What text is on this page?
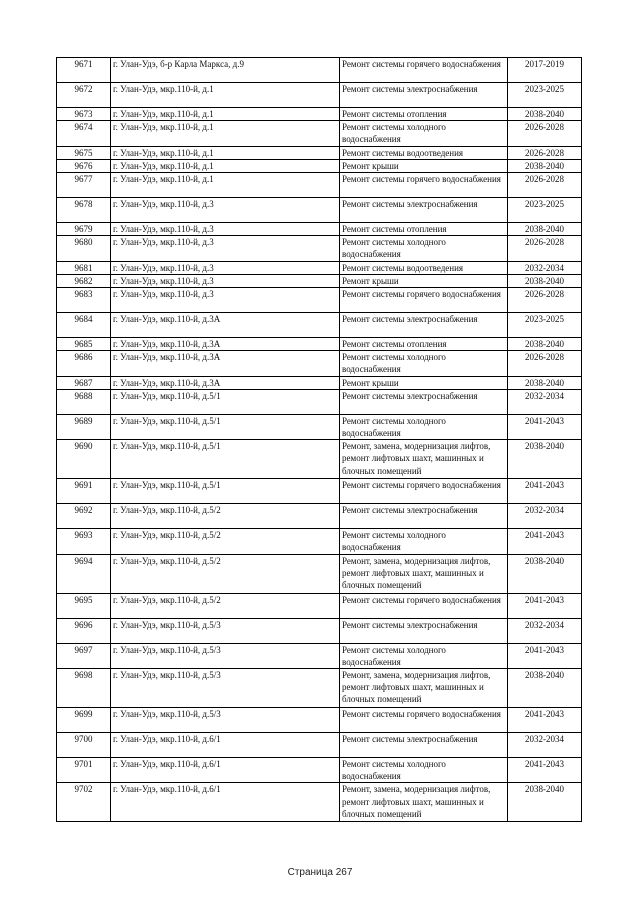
9671	г. Улан-Удэ, б-р Карла Маркса, д.9	Ремонт системы горячего водоснабжения	2017-2019
9672	г. Улан-Удэ, мкр.110-й, д.1	Ремонт системы электроснабжения	2023-2025
9673	г. Улан-Удэ, мкр.110-й, д.1	Ремонт системы отопления	2038-2040
9674	г. Улан-Удэ, мкр.110-й, д.1	Ремонт системы холодного водоснабжения	2026-2028
9675	г. Улан-Удэ, мкр.110-й, д.1	Ремонт системы водоотведения	2026-2028
9676	г. Улан-Удэ, мкр.110-й, д.1	Ремонт крыши	2038-2040
9677	г. Улан-Удэ, мкр.110-й, д.1	Ремонт системы горячего водоснабжения	2026-2028
9678	г. Улан-Удэ, мкр.110-й, д.3	Ремонт системы электроснабжения	2023-2025
9679	г. Улан-Удэ, мкр.110-й, д.3	Ремонт системы отопления	2038-2040
9680	г. Улан-Удэ, мкр.110-й, д.3	Ремонт системы холодного водоснабжения	2026-2028
9681	г. Улан-Удэ, мкр.110-й, д.3	Ремонт системы водоотведения	2032-2034
9682	г. Улан-Удэ, мкр.110-й, д.3	Ремонт крыши	2038-2040
9683	г. Улан-Удэ, мкр.110-й, д.3	Ремонт системы горячего водоснабжения	2026-2028
9684	г. Улан-Удэ, мкр.110-й, д.3А	Ремонт системы электроснабжения	2023-2025
9685	г. Улан-Удэ, мкр.110-й, д.3А	Ремонт системы отопления	2038-2040
9686	г. Улан-Удэ, мкр.110-й, д.3А	Ремонт системы холодного водоснабжения	2026-2028
9687	г. Улан-Удэ, мкр.110-й, д.3А	Ремонт крыши	2038-2040
9688	г. Улан-Удэ, мкр.110-й, д.5/1	Ремонт системы электроснабжения	2032-2034
9689	г. Улан-Удэ, мкр.110-й, д.5/1	Ремонт системы холодного водоснабжения	2041-2043
9690	г. Улан-Удэ, мкр.110-й, д.5/1	Ремонт, замена, модернизация лифтов, ремонт лифтовых шахт, машинных и блочных помещений	2038-2040
9691	г. Улан-Удэ, мкр.110-й, д.5/1	Ремонт системы горячего водоснабжения	2041-2043
9692	г. Улан-Удэ, мкр.110-й, д.5/2	Ремонт системы электроснабжения	2032-2034
9693	г. Улан-Удэ, мкр.110-й, д.5/2	Ремонт системы холодного водоснабжения	2041-2043
9694	г. Улан-Удэ, мкр.110-й, д.5/2	Ремонт, замена, модернизация лифтов, ремонт лифтовых шахт, машинных и блочных помещений	2038-2040
9695	г. Улан-Удэ, мкр.110-й, д.5/2	Ремонт системы горячего водоснабжения	2041-2043
9696	г. Улан-Удэ, мкр.110-й, д.5/3	Ремонт системы электроснабжения	2032-2034
9697	г. Улан-Удэ, мкр.110-й, д.5/3	Ремонт системы холодного водоснабжения	2041-2043
9698	г. Улан-Удэ, мкр.110-й, д.5/3	Ремонт, замена, модернизация лифтов, ремонт лифтовых шахт, машинных и блочных помещений	2038-2040
9699	г. Улан-Удэ, мкр.110-й, д.5/3	Ремонт системы горячего водоснабжения	2041-2043
9700	г. Улан-Удэ, мкр.110-й, д.6/1	Ремонт системы электроснабжения	2032-2034
9701	г. Улан-Удэ, мкр.110-й, д.6/1	Ремонт системы холодного водоснабжения	2041-2043
9702	г. Улан-Удэ, мкр.110-й, д.6/1	Ремонт, замена, модернизация лифтов, ремонт лифтовых шахт, машинных и блочных помещений	2038-2040
Страница 267
